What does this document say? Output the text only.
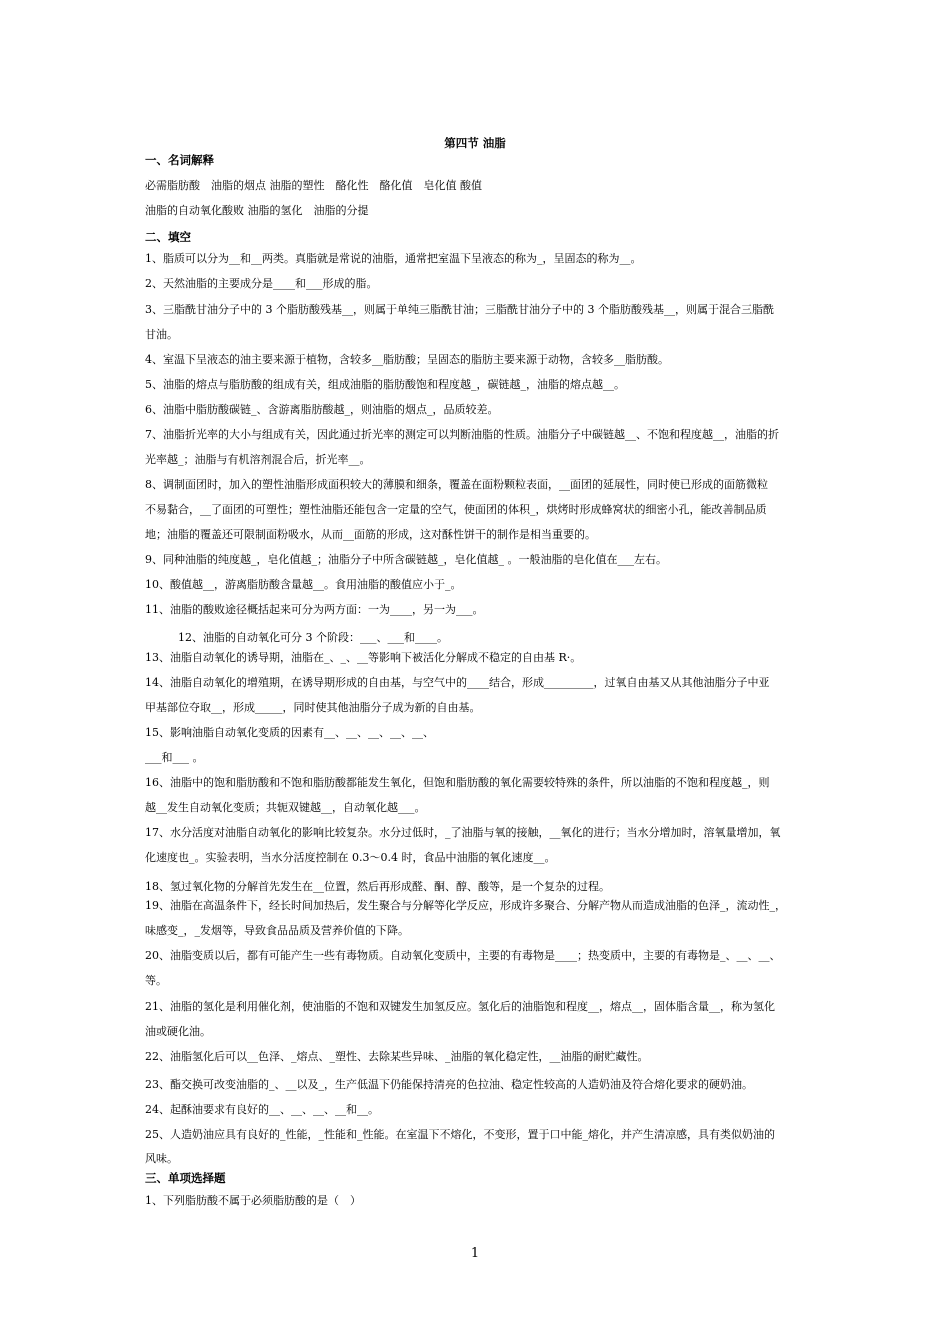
第四节 油脂
一、名词解释
必需脂肪酸　油脂的烟点 油脂的塑性　酪化性　酪化值　皂化值 酸值
油脂的自动氧化酸败 油脂的氢化　油脂的分提
二、填空
1、脂质可以分为__和__两类。真脂就是常说的油脂，通常把室温下呈液态的称为_，呈固态的称为__。
2、天然油脂的主要成分是____和___形成的脂。
3、三脂酰甘油分子中的 3 个脂肪酸残基__，则属于单纯三脂酰甘油；三脂酰甘油分子中的 3 个脂肪酸残基__，则属于混合三脂酰
甘油。
4、室温下呈液态的油主要来源于植物，含较多__脂肪酸；呈固态的脂肪主要来源于动物，含较多__脂肪酸。
5、油脂的熔点与脂肪酸的组成有关，组成油脂的脂肪酸饱和程度越_，碳链越_，油脂的熔点越__。
6、油脂中脂肪酸碳链_、含游离脂肪酸越_，则油脂的烟点_，品质较差。
7、油脂折光率的大小与组成有关，因此通过折光率的测定可以判断油脂的性质。油脂分子中碳链越__、不饱和程度越__，油脂的折
光率越_；油脂与有机溶剂混合后，折光率__。
8、调制面团时，加入的塑性油脂形成面积较大的薄膜和细条，覆盖在面粉颗粒表面，__面团的延展性，同时使已形成的面筋微粒
不易黏合，__了面团的可塑性；塑性油脂还能包含一定量的空气，使面团的体积_，烘烤时形成蜂窝状的细密小孔，能改善制品质
地；油脂的覆盖还可限制面粉吸水，从而__面筋的形成，这对酥性饼干的制作是相当重要的。
9、同种油脂的纯度越_，皂化值越_；油脂分子中所含碳链越_，皂化值越_ 。一般油脂的皂化值在___左右。
10、酸值越__，游离脂肪酸含量越__。食用油脂的酸值应小于_。
11、油脂的酸败途径概括起来可分为两方面：一为____，另一为___。
12、油脂的自动氧化可分 3 个阶段：___、___和____。
13、油脂自动氧化的诱导期，油脂在_、_、__等影响下被活化分解成不稳定的自由基 R·。
14、油脂自动氧化的增殖期，在诱导期形成的自由基，与空气中的____结合，形成_________，过氧自由基又从其他油脂分子中亚
甲基部位夺取__，形成_____，同时使其他油脂分子成为新的自由基。
15、影响油脂自动氧化变质的因素有__、__、__、__、__、
___和___ 。
16、油脂中的饱和脂肪酸和不饱和脂肪酸都能发生氧化，但饱和脂肪酸的氧化需要较特殊的条件，所以油脂的不饱和程度越_，则
越__发生自动氧化变质；共轭双键越__，自动氧化越___。
17、水分活度对油脂自动氧化的影响比较复杂。水分过低时，_了油脂与氧的接触，__氧化的进行；当水分增加时，溶氧量增加，氧
化速度也_。实验表明，当水分活度控制在 0.3～0.4 时，食品中油脂的氧化速度__。
18、氢过氧化物的分解首先发生在__位置，然后再形成醛、酮、醇、酸等，是一个复杂的过程。
19、油脂在高温条件下，经长时间加热后，发生聚合与分解等化学反应，形成许多聚合、分解产物从而造成油脂的色泽_，流动性_，
味感变_，_发烟等，导致食品品质及营养价值的下降。
20、油脂变质以后，都有可能产生一些有毒物质。自动氧化变质中，主要的有毒物是____；热变质中，主要的有毒物是_、__、__、
等。
21、油脂的氢化是利用催化剂，使油脂的不饱和双键发生加氢反应。氢化后的油脂饱和程度__，熔点__，固体脂含量__，称为氢化
油或硬化油。
22、油脂氢化后可以__色泽、_熔点、_塑性、去除某些异味、_油脂的氧化稳定性，__油脂的耐贮藏性。
23、酯交换可改变油脂的_、__以及_，生产低温下仍能保持清亮的色拉油、稳定性较高的人造奶油及符合熔化要求的硬奶油。
24、起酥油要求有良好的__、__、__、__和__。
25、人造奶油应具有良好的_性能，_性能和_性能。在室温下不熔化，不变形，置于口中能_熔化，并产生清凉感，具有类似奶油的
风味。
三、单项选择题
1、下列脂肪酸不属于必须脂肪酸的是（　）
1
